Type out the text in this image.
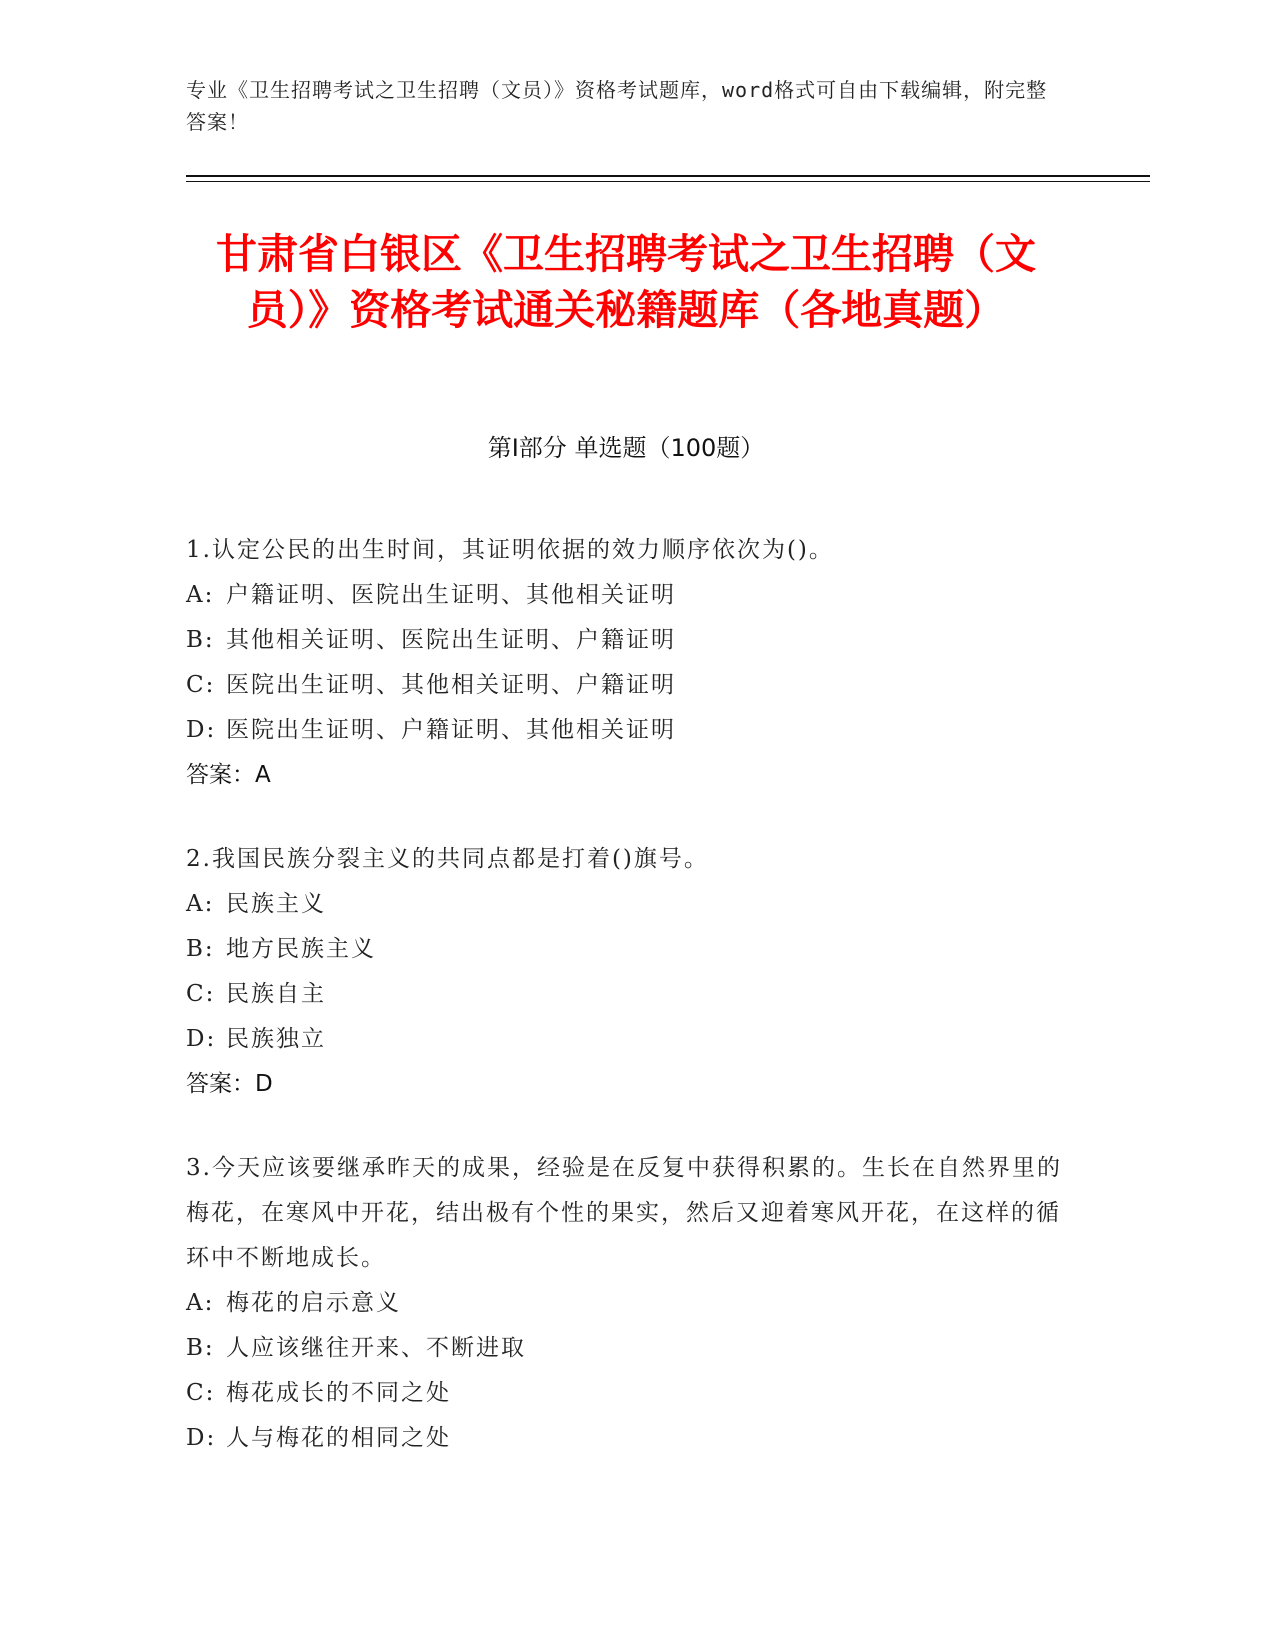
专业《卫生招聘考试之卫生招聘（文员）》资格考试题库，word格式可自由下载编辑，附完整答案！
甘肃省白银区《卫生招聘考试之卫生招聘（文员）》资格考试通关秘籍题库（各地真题）
第Ⅰ部分 单选题（100题）
1.认定公民的出生时间，其证明依据的效力顺序依次为()。
A: 户籍证明、医院出生证明、其他相关证明
B: 其他相关证明、医院出生证明、户籍证明
C: 医院出生证明、其他相关证明、户籍证明
D: 医院出生证明、户籍证明、其他相关证明
答案：A
2.我国民族分裂主义的共同点都是打着()旗号。
A: 民族主义
B: 地方民族主义
C: 民族自主
D: 民族独立
答案：D
3.今天应该要继承昨天的成果，经验是在反复中获得积累的。生长在自然界里的梅花，在寒风中开花，结出极有个性的果实，然后又迎着寒风开花，在这样的循环中不断地成长。
A: 梅花的启示意义
B: 人应该继往开来、不断进取
C: 梅花成长的不同之处
D: 人与梅花的相同之处
